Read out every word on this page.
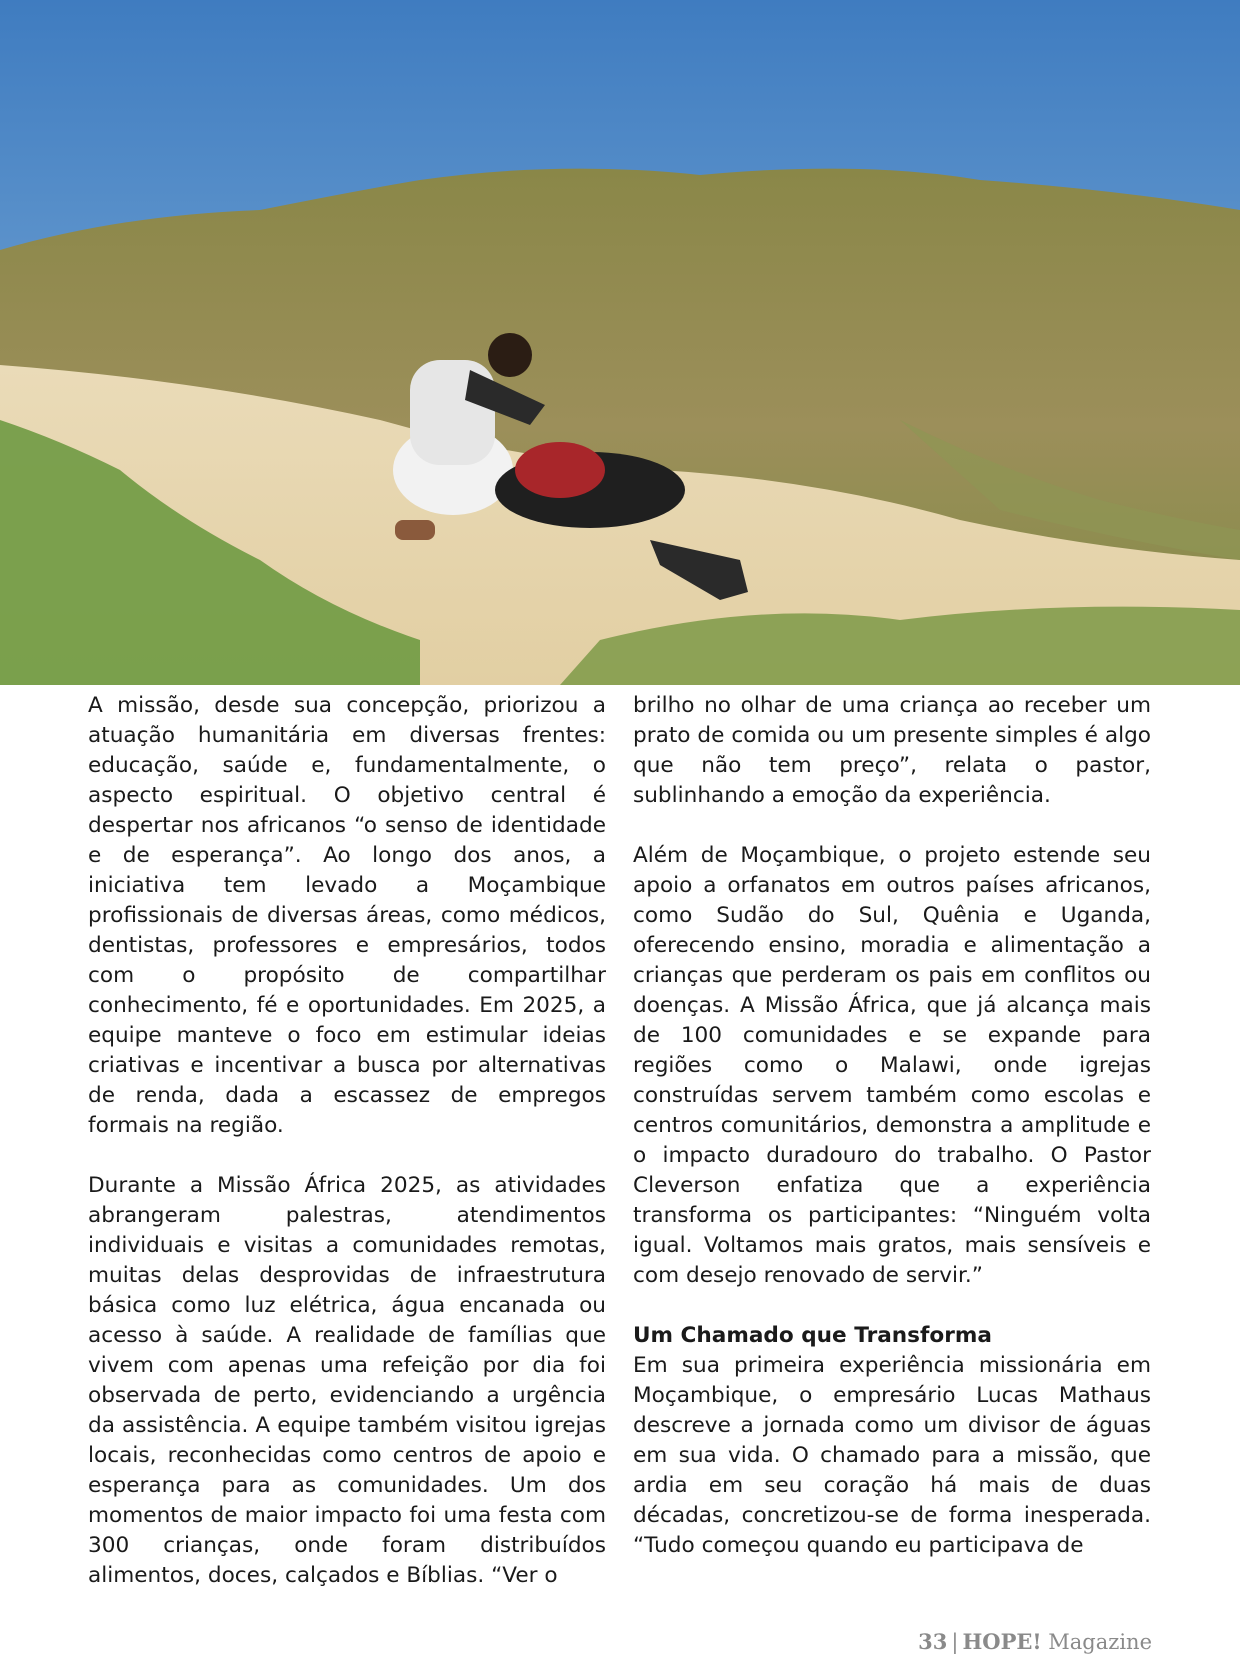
A missão, desde sua concepção, priorizou a atuação humanitária em diversas frentes: educação, saúde e, fundamentalmente, o aspecto espiritual. O objetivo central é despertar nos africanos “o senso de identidade e de esperança”. Ao longo dos anos, a iniciativa tem levado a Moçambique profissionais de diversas áreas, como médicos, dentistas, professores e empresários, todos com o propósito de compartilhar conhecimento, fé e oportunidades. Em 2025, a equipe manteve o foco em estimular ideias criativas e incentivar a busca por alternativas de renda, dada a escassez de empregos formais na região.

Durante a Missão África 2025, as atividades abrangeram palestras, atendimentos individuais e visitas a comunidades remotas, muitas delas desprovidas de infraestrutura básica como luz elétrica, água encanada ou acesso à saúde. A realidade de famílias que vivem com apenas uma refeição por dia foi observada de perto, evidenciando a urgência da assistência. A equipe também visitou igrejas locais, reconhecidas como centros de apoio e esperança para as comunidades. Um dos momentos de maior impacto foi uma festa com 300 crianças, onde foram distribuídos alimentos, doces, calçados e Bíblias. “Ver o

brilho no olhar de uma criança ao receber um prato de comida ou um presente simples é algo que não tem preço”, relata o pastor, sublinhando a emoção da experiência.

Além de Moçambique, o projeto estende seu apoio a orfanatos em outros países africanos, como Sudão do Sul, Quênia e Uganda, oferecendo ensino, moradia e alimentação a crianças que perderam os pais em conflitos ou doenças. A Missão África, que já alcança mais de 100 comunidades e se expande para regiões como o Malawi, onde igrejas construídas servem também como escolas e centros comunitários, demonstra a amplitude e o impacto duradouro do trabalho. O Pastor Cleverson enfatiza que a experiência transforma os participantes: “Ninguém volta igual. Voltamos mais gratos, mais sensíveis e com desejo renovado de servir.”

Um Chamado que Transforma

Em sua primeira experiência missionária em Moçambique, o empresário Lucas Mathaus descreve a jornada como um divisor de águas em sua vida. O chamado para a missão, que ardia em seu coração há mais de duas décadas, concretizou-se de forma inesperada. “Tudo começou quando eu participava de

33 | HOPE! Magazine
